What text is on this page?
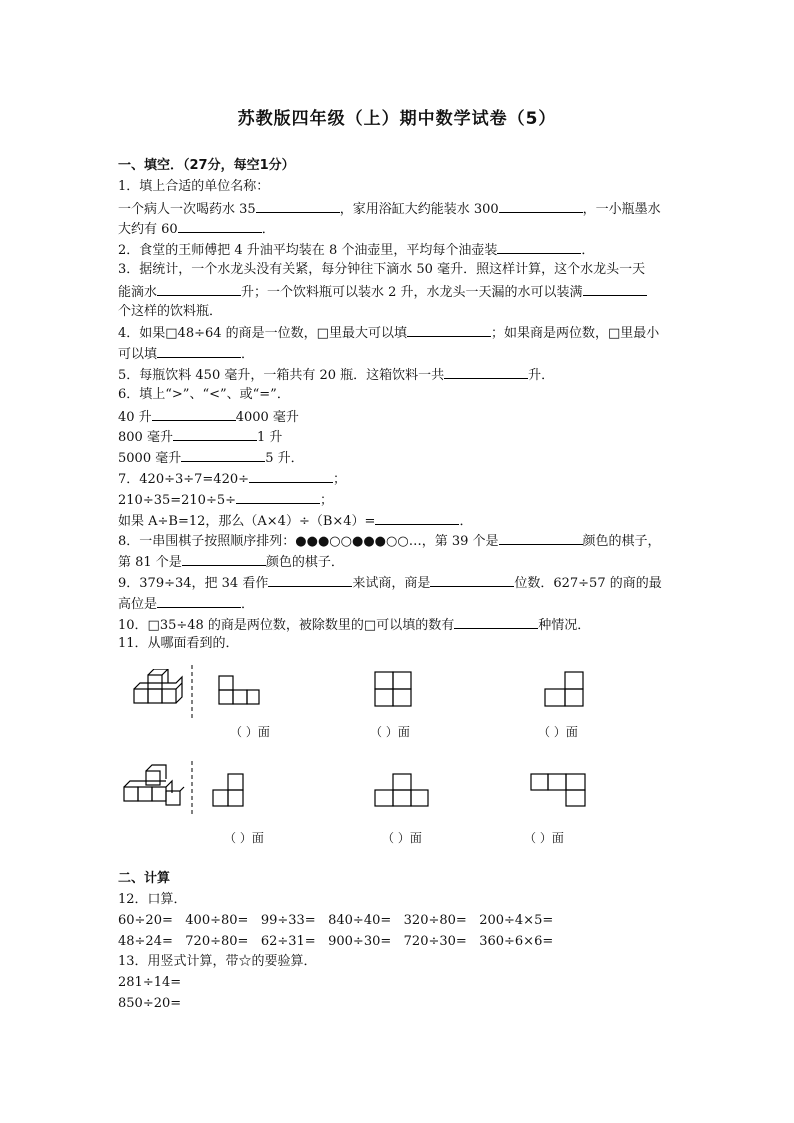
苏教版四年级（上）期中数学试卷（5）
一、填空．（27分，每空1分）
1．填上合适的单位名称：
一个病人一次喝药水 35	，家用浴缸大约能装水 300	，一小瓶墨水
大约有 60	．
2．食堂的王师傅把 4 升油平均装在 8 个油壶里，平均每个油壶装	．
3．据统计，一个水龙头没有关紧，每分钟往下滴水 50 毫升．照这样计算，这个水龙头一天
能滴水	升；一个饮料瓶可以装水 2 升，水龙头一天漏的水可以装满
个这样的饮料瓶．
4．如果□48÷64 的商是一位数，□里最大可以填	；如果商是两位数，□里最小
可以填	．
5．每瓶饮料 450 毫升，一箱共有 20 瓶．这箱饮料一共	升．
6．填上“>”、“<”、或“=”．
40 升	4000 毫升
800 毫升	1 升
5000 毫升	5 升．
7．420÷3÷7=420÷	；
210÷35=210÷5÷	；
如果 A÷B=12，那么（A×4）÷（B×4）=	．
8．一串围棋子按照顺序排列：●●●○○●●●○○…，第 39 个是	颜色的棋子，
第 81 个是	颜色的棋子．
9．379÷34，把 34 看作	来试商，商是	位数．627÷57 的商的最
高位是	．
10．□35÷48 的商是两位数，被除数里的□可以填的数有	种情况．
11．从哪面看到的．
（ ）面	（ ）面	（ ）面
（ ）面	（ ）面	（ ）面
二、计算
12．口算．
60÷20= 400÷80= 99÷33= 840÷40= 320÷80= 200÷4×5=
48÷24= 720÷80= 62÷31= 900÷30= 720÷30= 360÷6×6=
13．用竖式计算，带☆的要验算．
281÷14=
850÷20=
